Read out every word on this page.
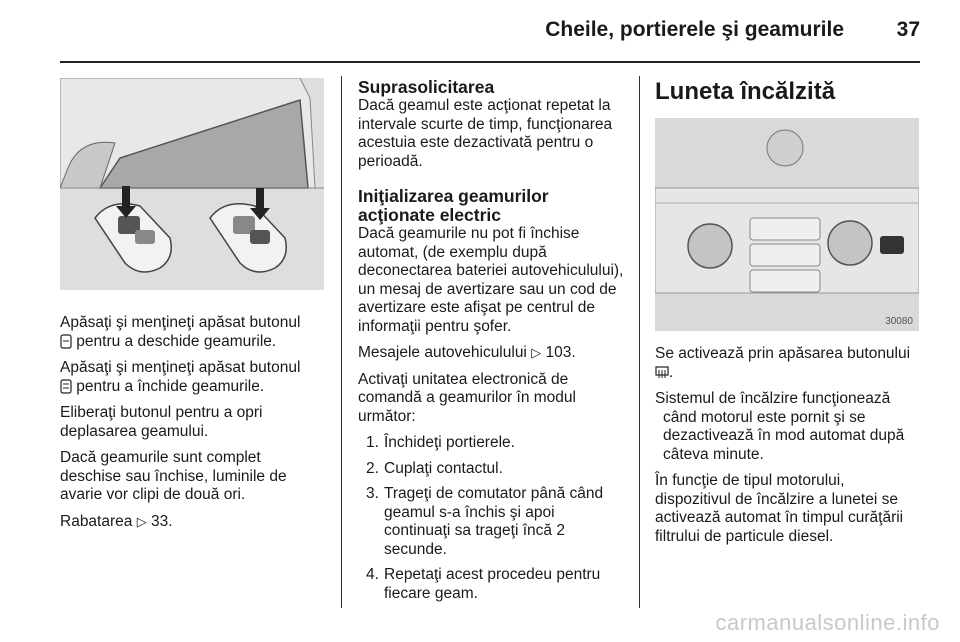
Cheile, portierele şi geamurile	37

Apăsaţi şi menţineţi apăsat butonul
pentru a deschide geamurile.

Apăsaţi şi menţineţi apăsat butonul
pentru a închide geamurile.

Eliberaţi butonul pentru a opri deplasarea geamului.

Dacă geamurile sunt complet deschise sau închise, luminile de avarie vor clipi de două ori.

Rabatarea ▷ 33.

Suprasolicitarea

Dacă geamul este acţionat repetat la intervale scurte de timp, funcţionarea acestuia este dezactivată pentru o perioadă.

Iniţializarea geamurilor acţionate electric

Dacă geamurile nu pot fi închise automat, (de exemplu după deconectarea bateriei autovehiculului), un mesaj de avertizare sau un cod de avertizare este afişat pe centrul de informaţii pentru şofer.

Mesajele autovehiculului ▷ 103.

Activaţi unitatea electronică de comandă a geamurilor în modul următor:

1. Închideţi portierele.
2. Cuplaţi contactul.
3. Trageţi de comutator până când geamul s-a închis şi apoi continuaţi sa trageţi încă 2 secunde.
4. Repetaţi acest procedeu pentru fiecare geam.
Luneta încălzită
30080

Se activează prin apăsarea butonului
.

Sistemul de încălzire funcţionează când motorul este pornit şi se dezactivează în mod automat după câteva minute.

În funcţie de tipul motorului, dispozitivul de încălzire a lunetei se activează automat în timpul curăţării filtrului de particule diesel.

carmanualsonline.info
